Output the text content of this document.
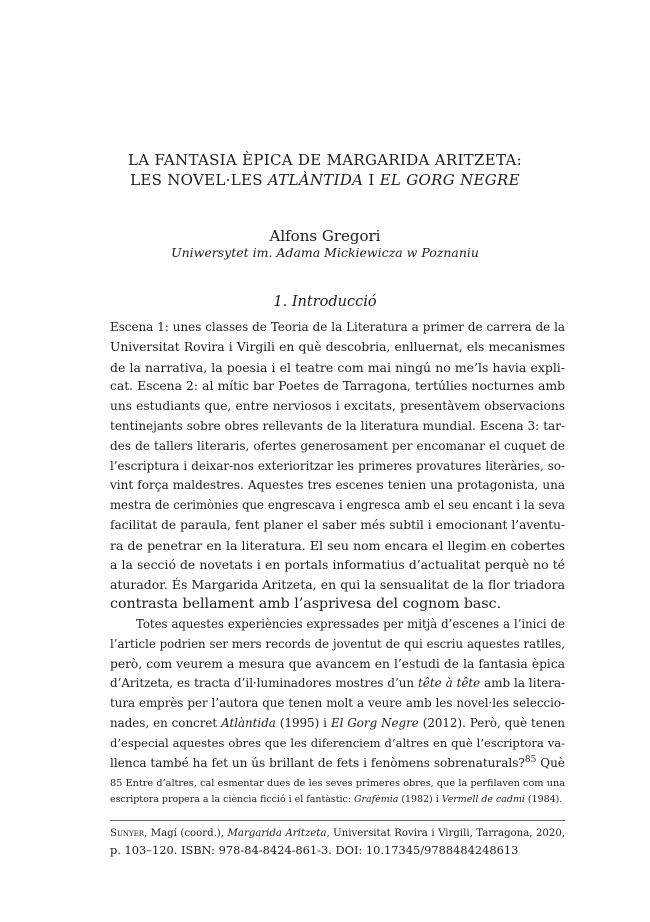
LA FANTASIA ÈPICA DE MARGARIDA ARITZETA:
LES NOVEL·LES ATLÀNTIDA I EL GORG NEGRE
Alfons Gregori
Uniwersytet im. Adama Mickiewicza w Poznaniu
1. Introducció
Escena 1: unes classes de Teoria de la Literatura a primer de carrera de la
Universitat Rovira i Virgili en què descobria, enlluernat, els mecanismes
de la narrativa, la poesia i el teatre com mai ningú no me’ls havia expli-
cat. Escena 2: al mític bar Poetes de Tarragona, tertúlies nocturnes amb
uns estudiants que, entre nerviosos i excitats, presentàvem observacions
tentinejants sobre obres rellevants de la literatura mundial. Escena 3: tar-
des de tallers literaris, ofertes generosament per encomanar el cuquet de
l’escriptura i deixar-nos exterioritzar les primeres provatures literàries, so-
vint força maldestres. Aquestes tres escenes tenien una protagonista, una
mestra de cerimònies que engrescava i engresca amb el seu encant i la seva
facilitat de paraula, fent planer el saber més subtil i emocionant l’aventu-
ra de penetrar en la literatura. El seu nom encara el llegim en cobertes
a la secció de novetats i en portals informatius d’actualitat perquè no té
aturador. És Margarida Aritzeta, en qui la sensualitat de la flor triadora
contrasta bellament amb l’asprivesa del cognom basc.
Totes aquestes experiències expressades per mitjà d’escenes a l’inici de
l’article podrien ser mers records de joventut de qui escriu aquestes ratlles,
però, com veurem a mesura que avancem en l’estudi de la fantasia èpica
d’Aritzeta, es tracta d’il·luminadores mostres d’un tête à tête amb la litera-
tura emprès per l’autora que tenen molt a veure amb les novel·les seleccio-
nades, en concret Atlàntida (1995) i El Gorg Negre (2012). Però, què tenen
d’especial aquestes obres que les diferenciem d’altres en què l’escriptora va-
llenca també ha fet un ús brillant de fets i fenòmens sobrenaturals?$^{85}$ Què
85 Entre d’altres, cal esmentar dues de les seves primeres obres, que la perfilaven com una
escriptora propera a la ciència ficció i el fantàstic: Grafèmia (1982) i Vermell de cadmi (1984).
Sunyer, Magí (coord.), Margarida Aritzeta, Universitat Rovira i Virgili, Tarragona, 2020,
p. 103–120. ISBN: 978-84-8424-861-3. DOI: 10.17345/9788484248613
